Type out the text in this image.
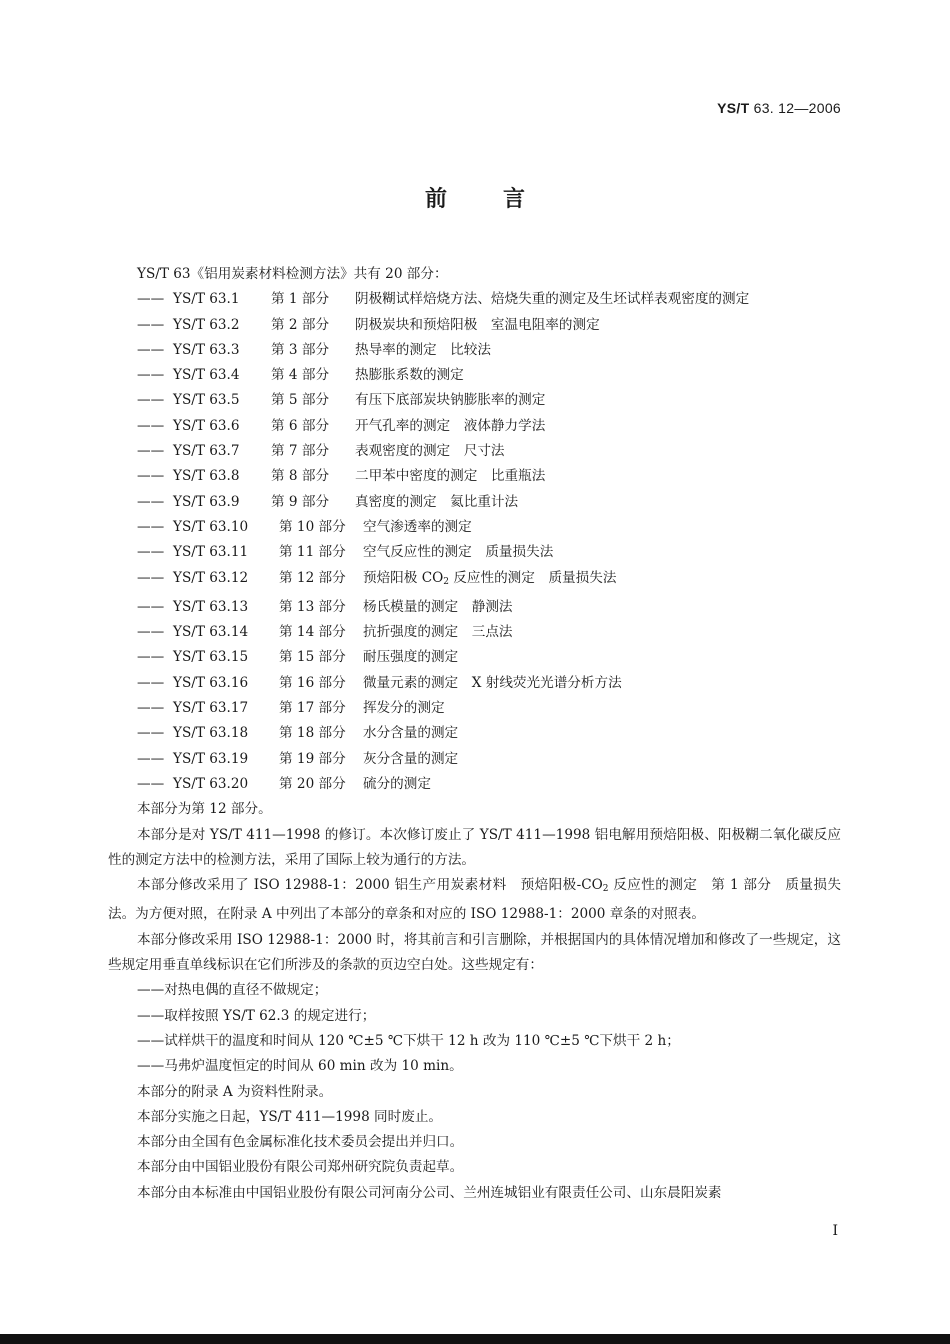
YS/T 63. 12—2006
前言

YS/T 63《铝用炭素材料检测方法》共有 20 部分：

—— YS/T 63.1 第 1 部分 阴极糊试样焙烧方法、焙烧失重的测定及生坯试样表观密度的测定

—— YS/T 63.2 第 2 部分 阴极炭块和预焙阳极　室温电阻率的测定

—— YS/T 63.3 第 3 部分 热导率的测定　比较法

—— YS/T 63.4 第 4 部分 热膨胀系数的测定

—— YS/T 63.5 第 5 部分 有压下底部炭块钠膨胀率的测定

—— YS/T 63.6 第 6 部分 开气孔率的测定　液体静力学法

—— YS/T 63.7 第 7 部分 表观密度的测定　尺寸法

—— YS/T 63.8 第 8 部分 二甲苯中密度的测定　比重瓶法

—— YS/T 63.9 第 9 部分 真密度的测定　氦比重计法

—— YS/T 63.10 第 10 部分 空气渗透率的测定

—— YS/T 63.11 第 11 部分 空气反应性的测定　质量损失法

—— YS/T 63.12 第 12 部分 预焙阳极 $CO_2$ 反应性的测定　质量损失法

—— YS/T 63.13 第 13 部分 杨氏模量的测定　静测法

—— YS/T 63.14 第 14 部分 抗折强度的测定　三点法

—— YS/T 63.15 第 15 部分 耐压强度的测定

—— YS/T 63.16 第 16 部分 微量元素的测定　X 射线荧光光谱分析方法

—— YS/T 63.17 第 17 部分 挥发分的测定

—— YS/T 63.18 第 18 部分 水分含量的测定

—— YS/T 63.19 第 19 部分 灰分含量的测定

—— YS/T 63.20 第 20 部分 硫分的测定

本部分为第 12 部分。

本部分是对 YS/T 411—1998 的修订。本次修订废止了 YS/T 411—1998 铝电解用预焙阳极、阳极糊二氧化碳反应性的测定方法中的检测方法，采用了国际上较为通行的方法。

本部分修改采用了 ISO 12988-1：2000 铝生产用炭素材料　预焙阳极$-CO_2$ 反应性的测定　第 1 部分　质量损失法。为方便对照，在附录 A 中列出了本部分的章条和对应的 ISO 12988-1：2000 章条的对照表。

本部分修改采用 ISO 12988-1：2000 时，将其前言和引言删除，并根据国内的具体情况增加和修改了一些规定，这些规定用垂直单线标识在它们所涉及的条款的页边空白处。这些规定有：

——对热电偶的直径不做规定；

——取样按照 YS/T 62.3 的规定进行；

——试样烘干的温度和时间从 120 ℃±5 ℃下烘干 12 h 改为 110 ℃±5 ℃下烘干 2 h；

——马弗炉温度恒定的时间从 60 min 改为 10 min。

本部分的附录 A 为资料性附录。

本部分实施之日起，YS/T 411—1998 同时废止。

本部分由全国有色金属标准化技术委员会提出并归口。

本部分由中国铝业股份有限公司郑州研究院负责起草。

本部分由本标准由中国铝业股份有限公司河南分公司、兰州连城铝业有限责任公司、山东晨阳炭素

I
